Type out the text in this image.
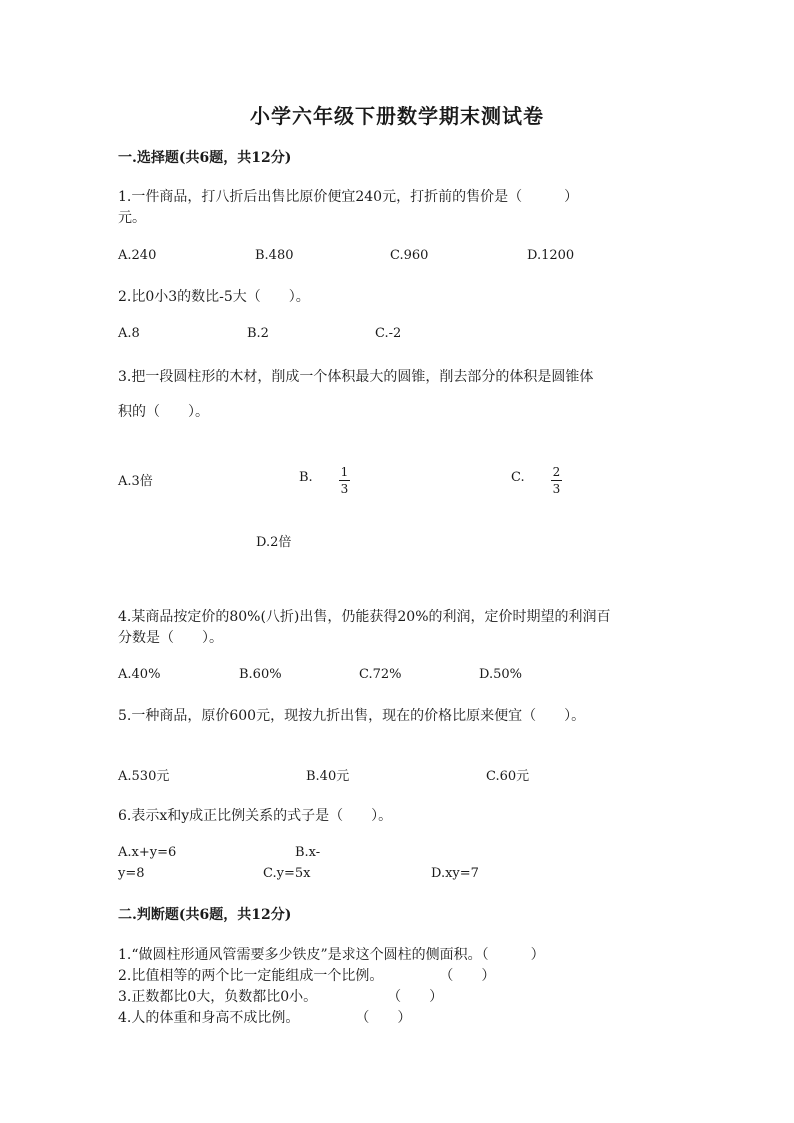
小学六年级下册数学期末测试卷
一.选择题(共6题，共12分)
1.一件商品，打八折后出售比原价便宜240元，打折前的售价是（　　　）
元。
A.240	B.480	C.960	D.1200
2.比0小3的数比-5大（　　）。
A.8	B.2	C.-2
3.把一段圆柱形的木材，削成一个体积最大的圆锥，削去部分的体积是圆锥体
积的（　　）。
A.3倍	B. 1
3
C. 2
3
D.2倍
4.某商品按定价的80%(八折)出售，仍能获得20%的利润，定价时期望的利润百
分数是（　　）。
A.40%	B.60%	C.72%	D.50%
5.一种商品，原价600元，现按九折出售，现在的价格比原来便宜（　　）。
A.530元	B.40元	C.60元
6.表示x和y成正比例关系的式子是（　　）。
A.x+y=6	B.x-
y=8	C.y=5x	D.xy=7
二.判断题(共6题，共12分)
1.“做圆柱形通风管需要多少铁皮”是求这个圆柱的侧面积。（　　　）
2.比值相等的两个比一定能组成一个比例。　　　　　（　　）
3.正数都比0大，负数都比0小。　　　　　　（　　）
4.人的体重和身高不成比例。　　　　　（　　）
